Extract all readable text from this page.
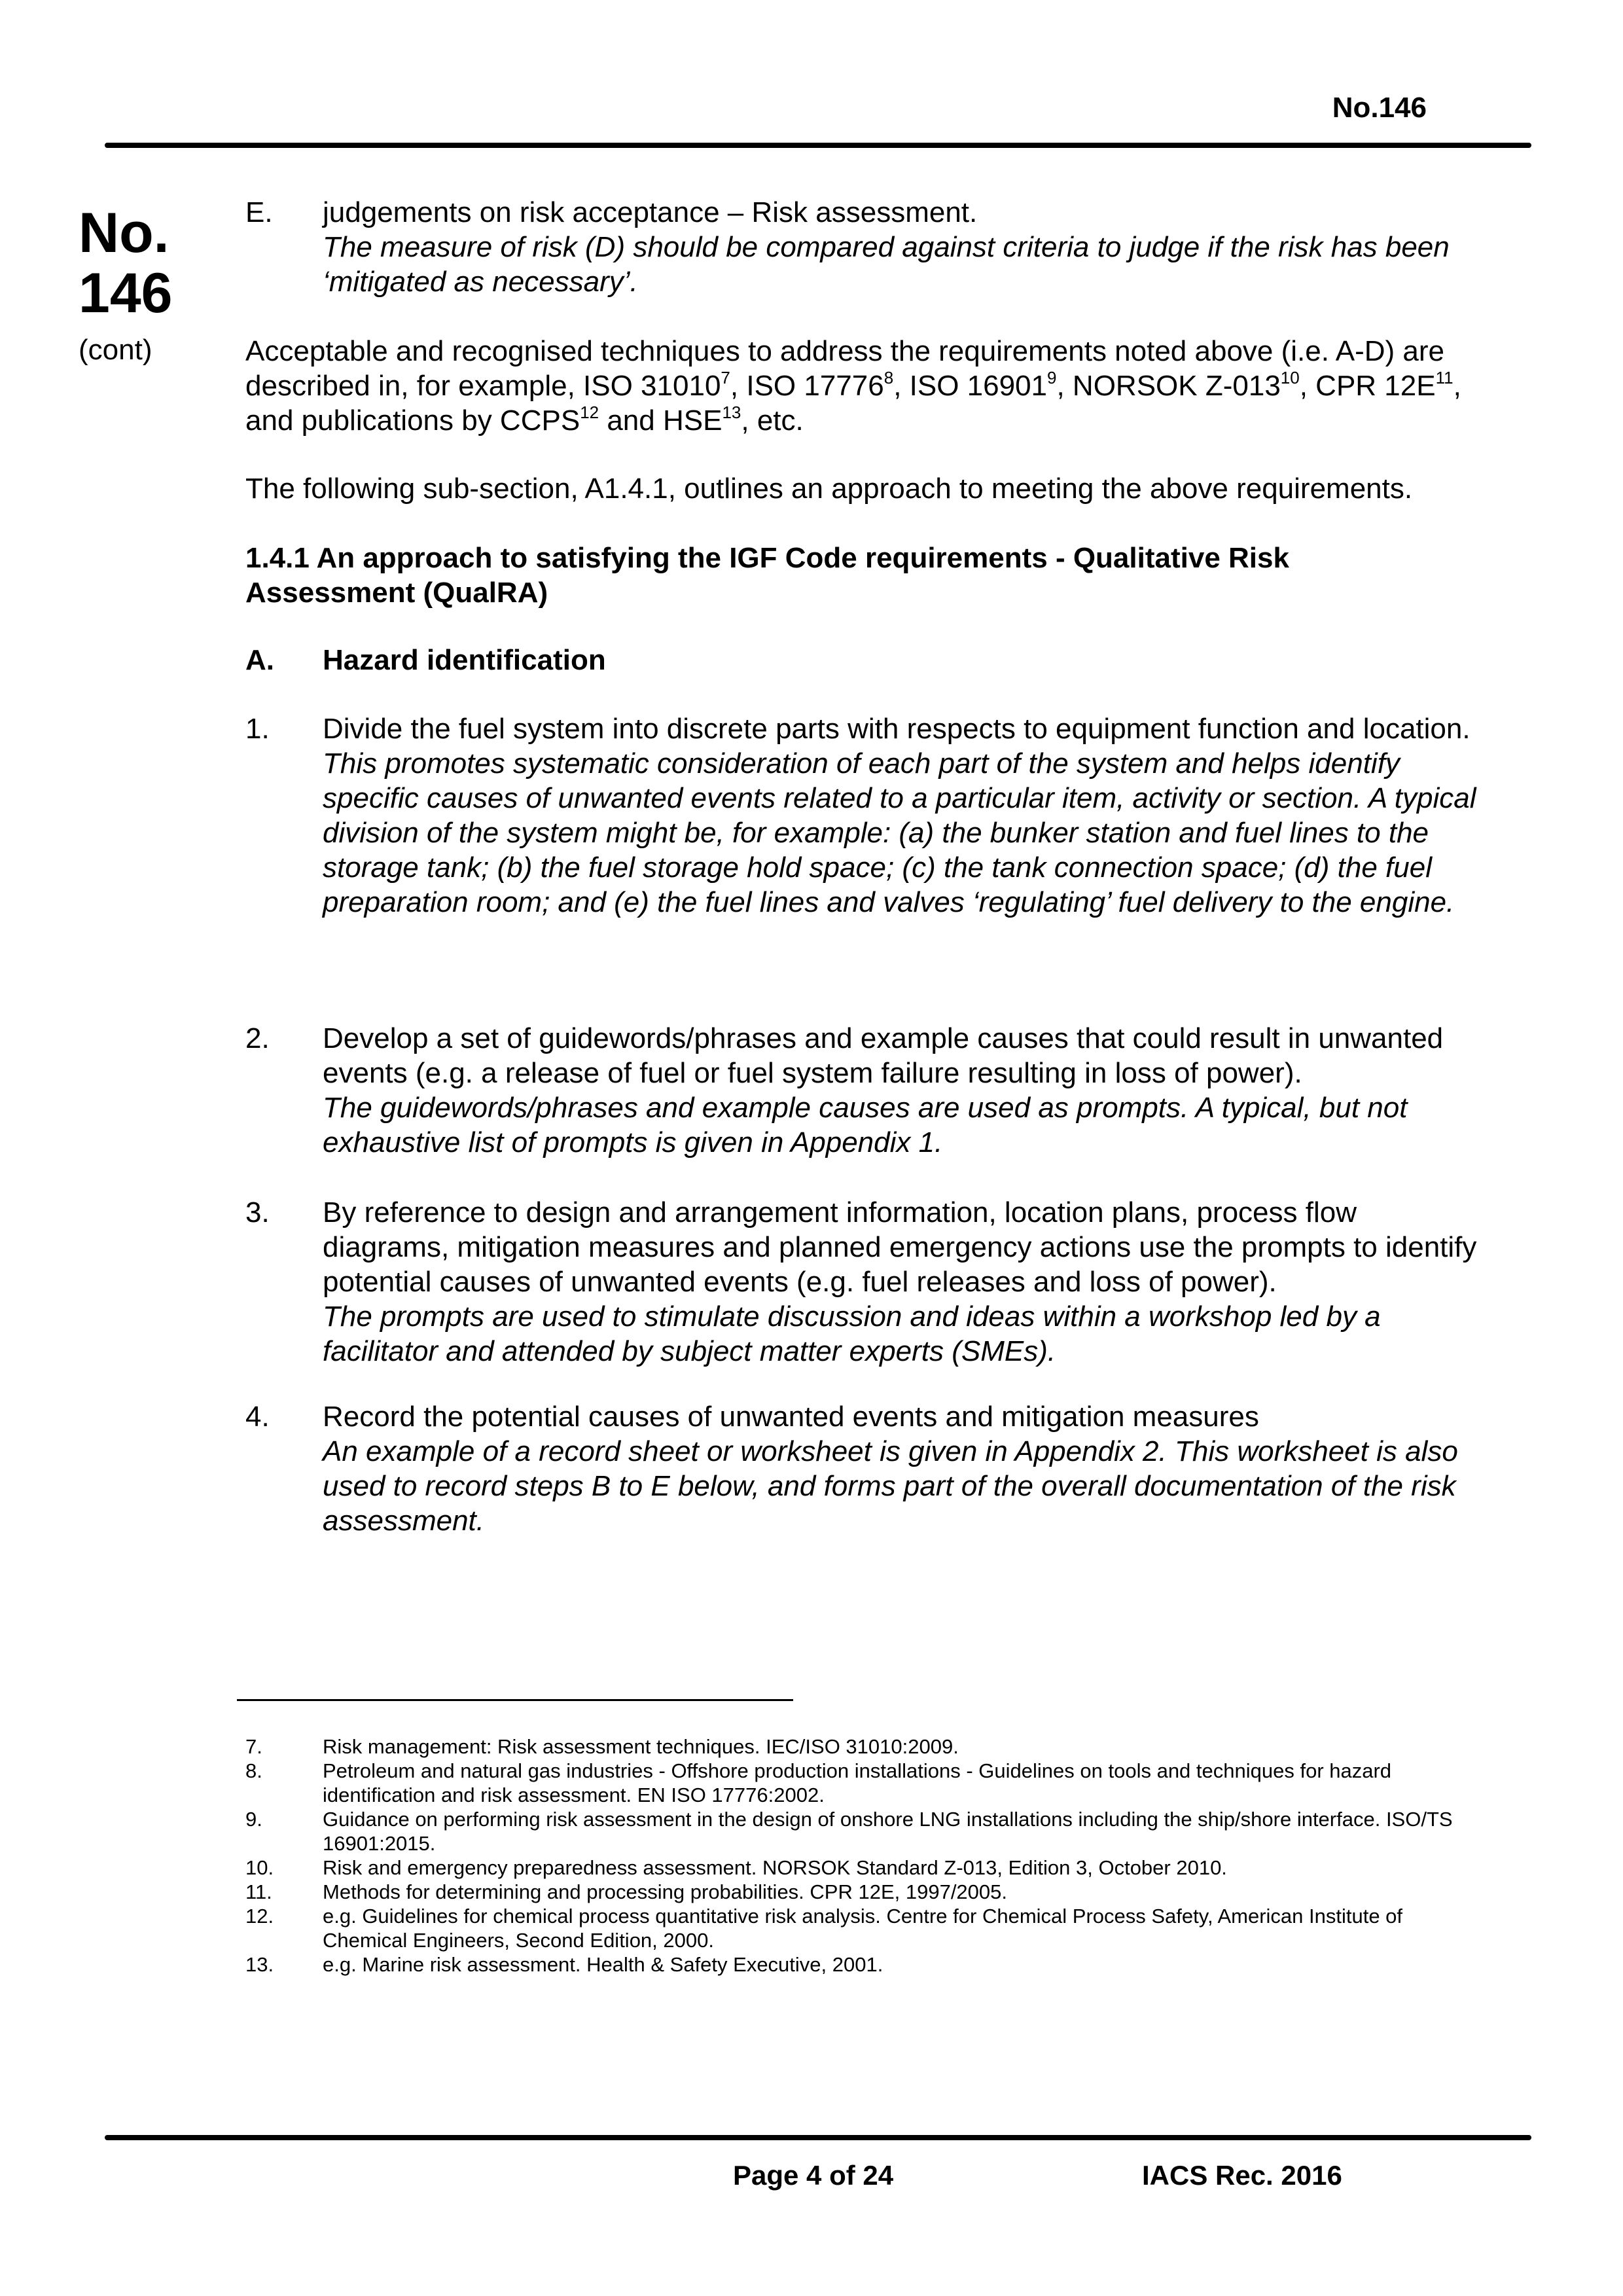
No.146
No.
146
(cont)
E. judgements on risk acceptance – Risk assessment.
The measure of risk (D) should be compared against criteria to judge if the risk has been ‘mitigated as necessary’.
Acceptable and recognised techniques to address the requirements noted above (i.e. A-D) are described in, for example, ISO 31010$^7$, ISO 17776$^8$, ISO 16901$^9$, NORSOK $Z-013^{10}$, CPR $12E^{11}$, and publications by CCPS$^{12}$ and HSE$^{13}$, etc.
The following sub-section, A1.4.1, outlines an approach to meeting the above requirements.
1.4.1 An approach to satisfying the IGF Code requirements - Qualitative Risk Assessment (QualRA)
A. Hazard identification
1. Divide the fuel system into discrete parts with respects to equipment function and location.
This promotes systematic consideration of each part of the system and helps identify specific causes of unwanted events related to a particular item, activity or section. A typical division of the system might be, for example: (a) the bunker station and fuel lines to the storage tank; (b) the fuel storage hold space; (c) the tank connection space; (d) the fuel preparation room; and (e) the fuel lines and valves ‘regulating’ fuel delivery to the engine.
2. Develop a set of guidewords/phrases and example causes that could result in unwanted events (e.g. a release of fuel or fuel system failure resulting in loss of power).
The guidewords/phrases and example causes are used as prompts. A typical, but not exhaustive list of prompts is given in Appendix 1.
3. By reference to design and arrangement information, location plans, process flow diagrams, mitigation measures and planned emergency actions use the prompts to identify potential causes of unwanted events (e.g. fuel releases and loss of power).
The prompts are used to stimulate discussion and ideas within a workshop led by a facilitator and attended by subject matter experts (SMEs).
4. Record the potential causes of unwanted events and mitigation measures
An example of a record sheet or worksheet is given in Appendix 2. This worksheet is also used to record steps B to E below, and forms part of the overall documentation of the risk assessment.
7.	Risk management: Risk assessment techniques. IEC/ISO 31010:2009.
8.	Petroleum and natural gas industries - Offshore production installations - Guidelines on tools and techniques for hazard identification and risk assessment. EN ISO 17776:2002.
9.	Guidance on performing risk assessment in the design of onshore LNG installations including the ship/shore interface. ISO/TS 16901:2015.
10. Risk and emergency preparedness assessment. NORSOK Standard Z-013, Edition 3, October 2010.
11. Methods for determining and processing probabilities. CPR 12E, 1997/2005.
12. e.g. Guidelines for chemical process quantitative risk analysis. Centre for Chemical Process Safety, American Institute of Chemical Engineers, Second Edition, 2000.
13. e.g. Marine risk assessment. Health & Safety Executive, 2001.
Page 4 of 24	IACS Rec. 2016
